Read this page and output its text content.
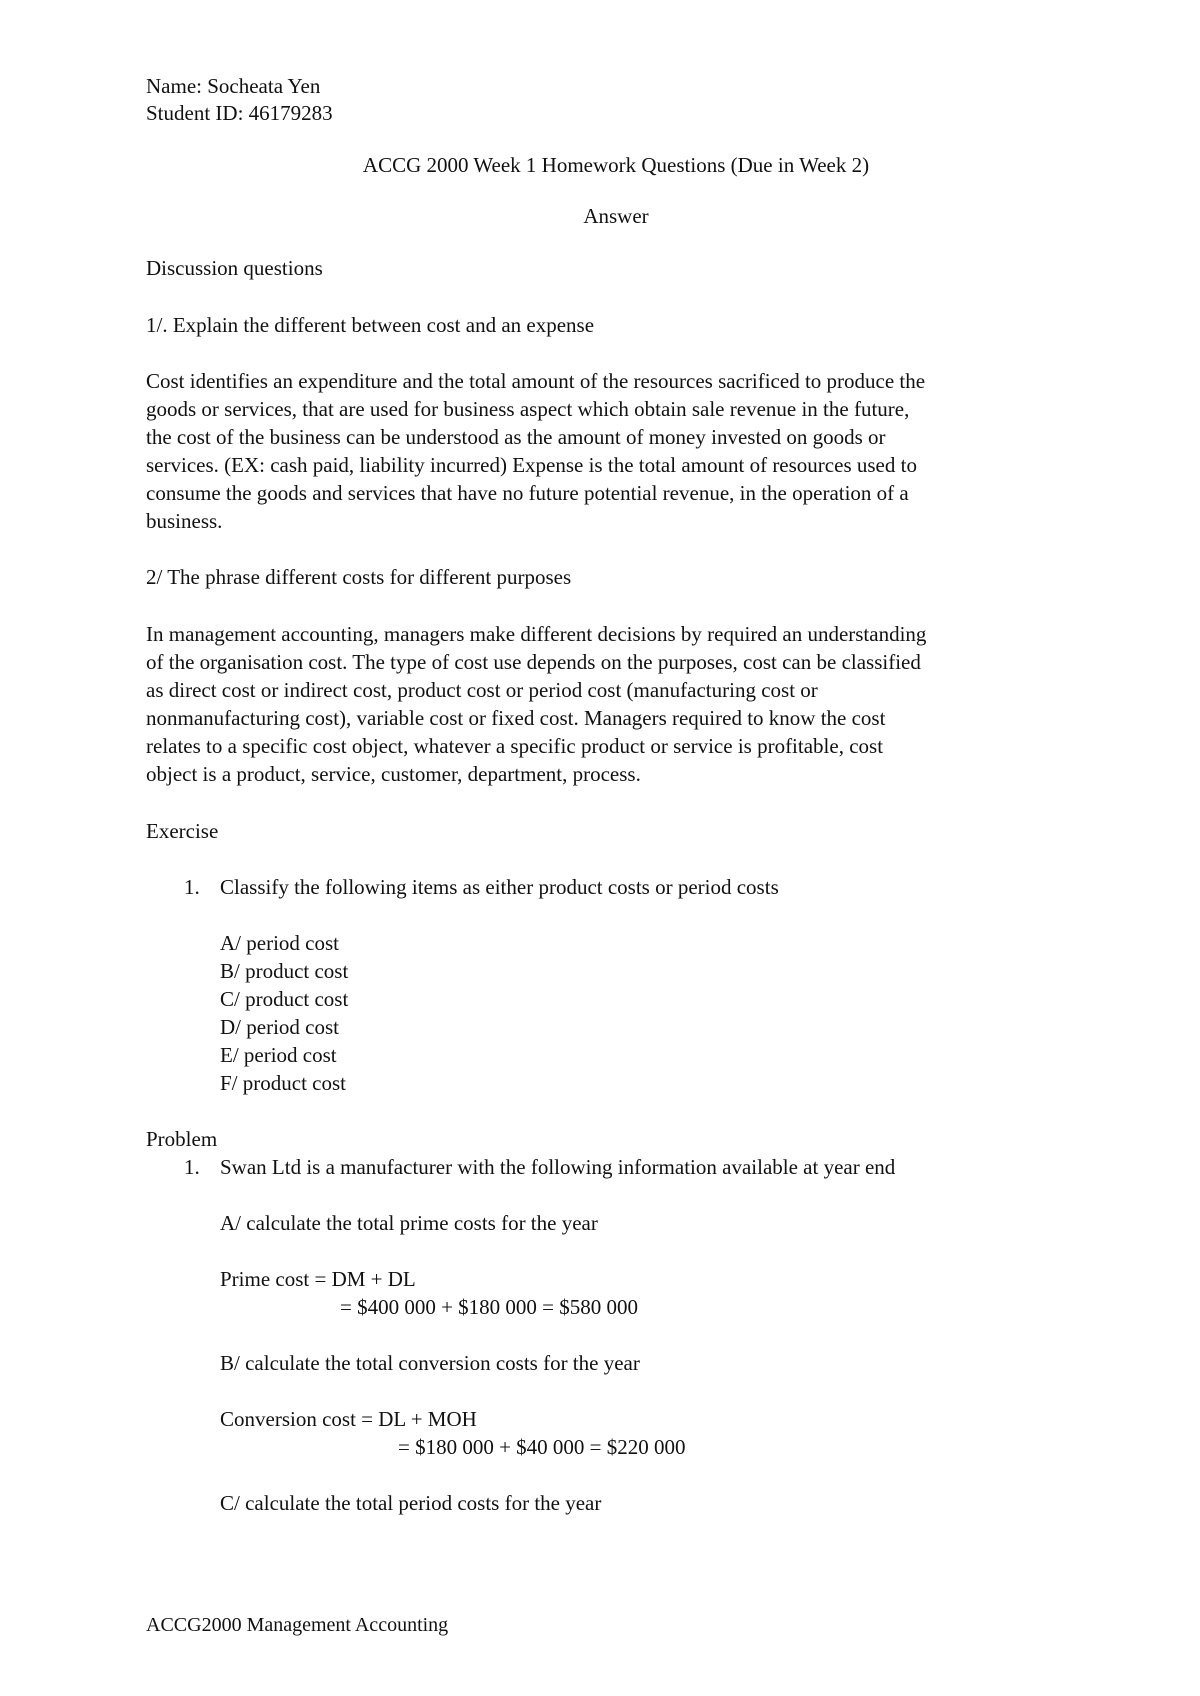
Name: Socheata Yen

Student ID: 46179283

ACCG 2000 Week 1 Homework Questions (Due in Week 2)

Answer

Discussion questions

1/. Explain the different between cost and an expense

Cost identifies an expenditure and the total amount of the resources sacrificed to produce the

goods or services, that are used for business aspect which obtain sale revenue in the future,

the cost of the business can be understood as the amount of money invested on goods or

services. (EX: cash paid, liability incurred) Expense is the total amount of resources used to

consume the goods and services that have no future potential revenue, in the operation of a

business.

2/ The phrase different costs for different purposes

In management accounting, managers make different decisions by required an understanding

of the organisation cost. The type of cost use depends on the purposes, cost can be classified

as direct cost or indirect cost, product cost or period cost (manufacturing cost or

nonmanufacturing cost), variable cost or fixed cost. Managers required to know the cost

relates to a specific cost object, whatever a specific product or service is profitable, cost

object is a product, service, customer, department, process.

Exercise

1. Classify the following items as either product costs or period costs

A/ period cost

B/ product cost

C/ product cost

D/ period cost

E/ period cost

F/ product cost

Problem

1. Swan Ltd is a manufacturer with the following information available at year end

A/ calculate the total prime costs for the year

Prime cost = DM + DL

= $400 000 + $180 000 = $580 000

B/ calculate the total conversion costs for the year

Conversion cost = DL + MOH

= $180 000 + $40 000 = $220 000

C/ calculate the total period costs for the year

ACCG2000 Management Accounting
